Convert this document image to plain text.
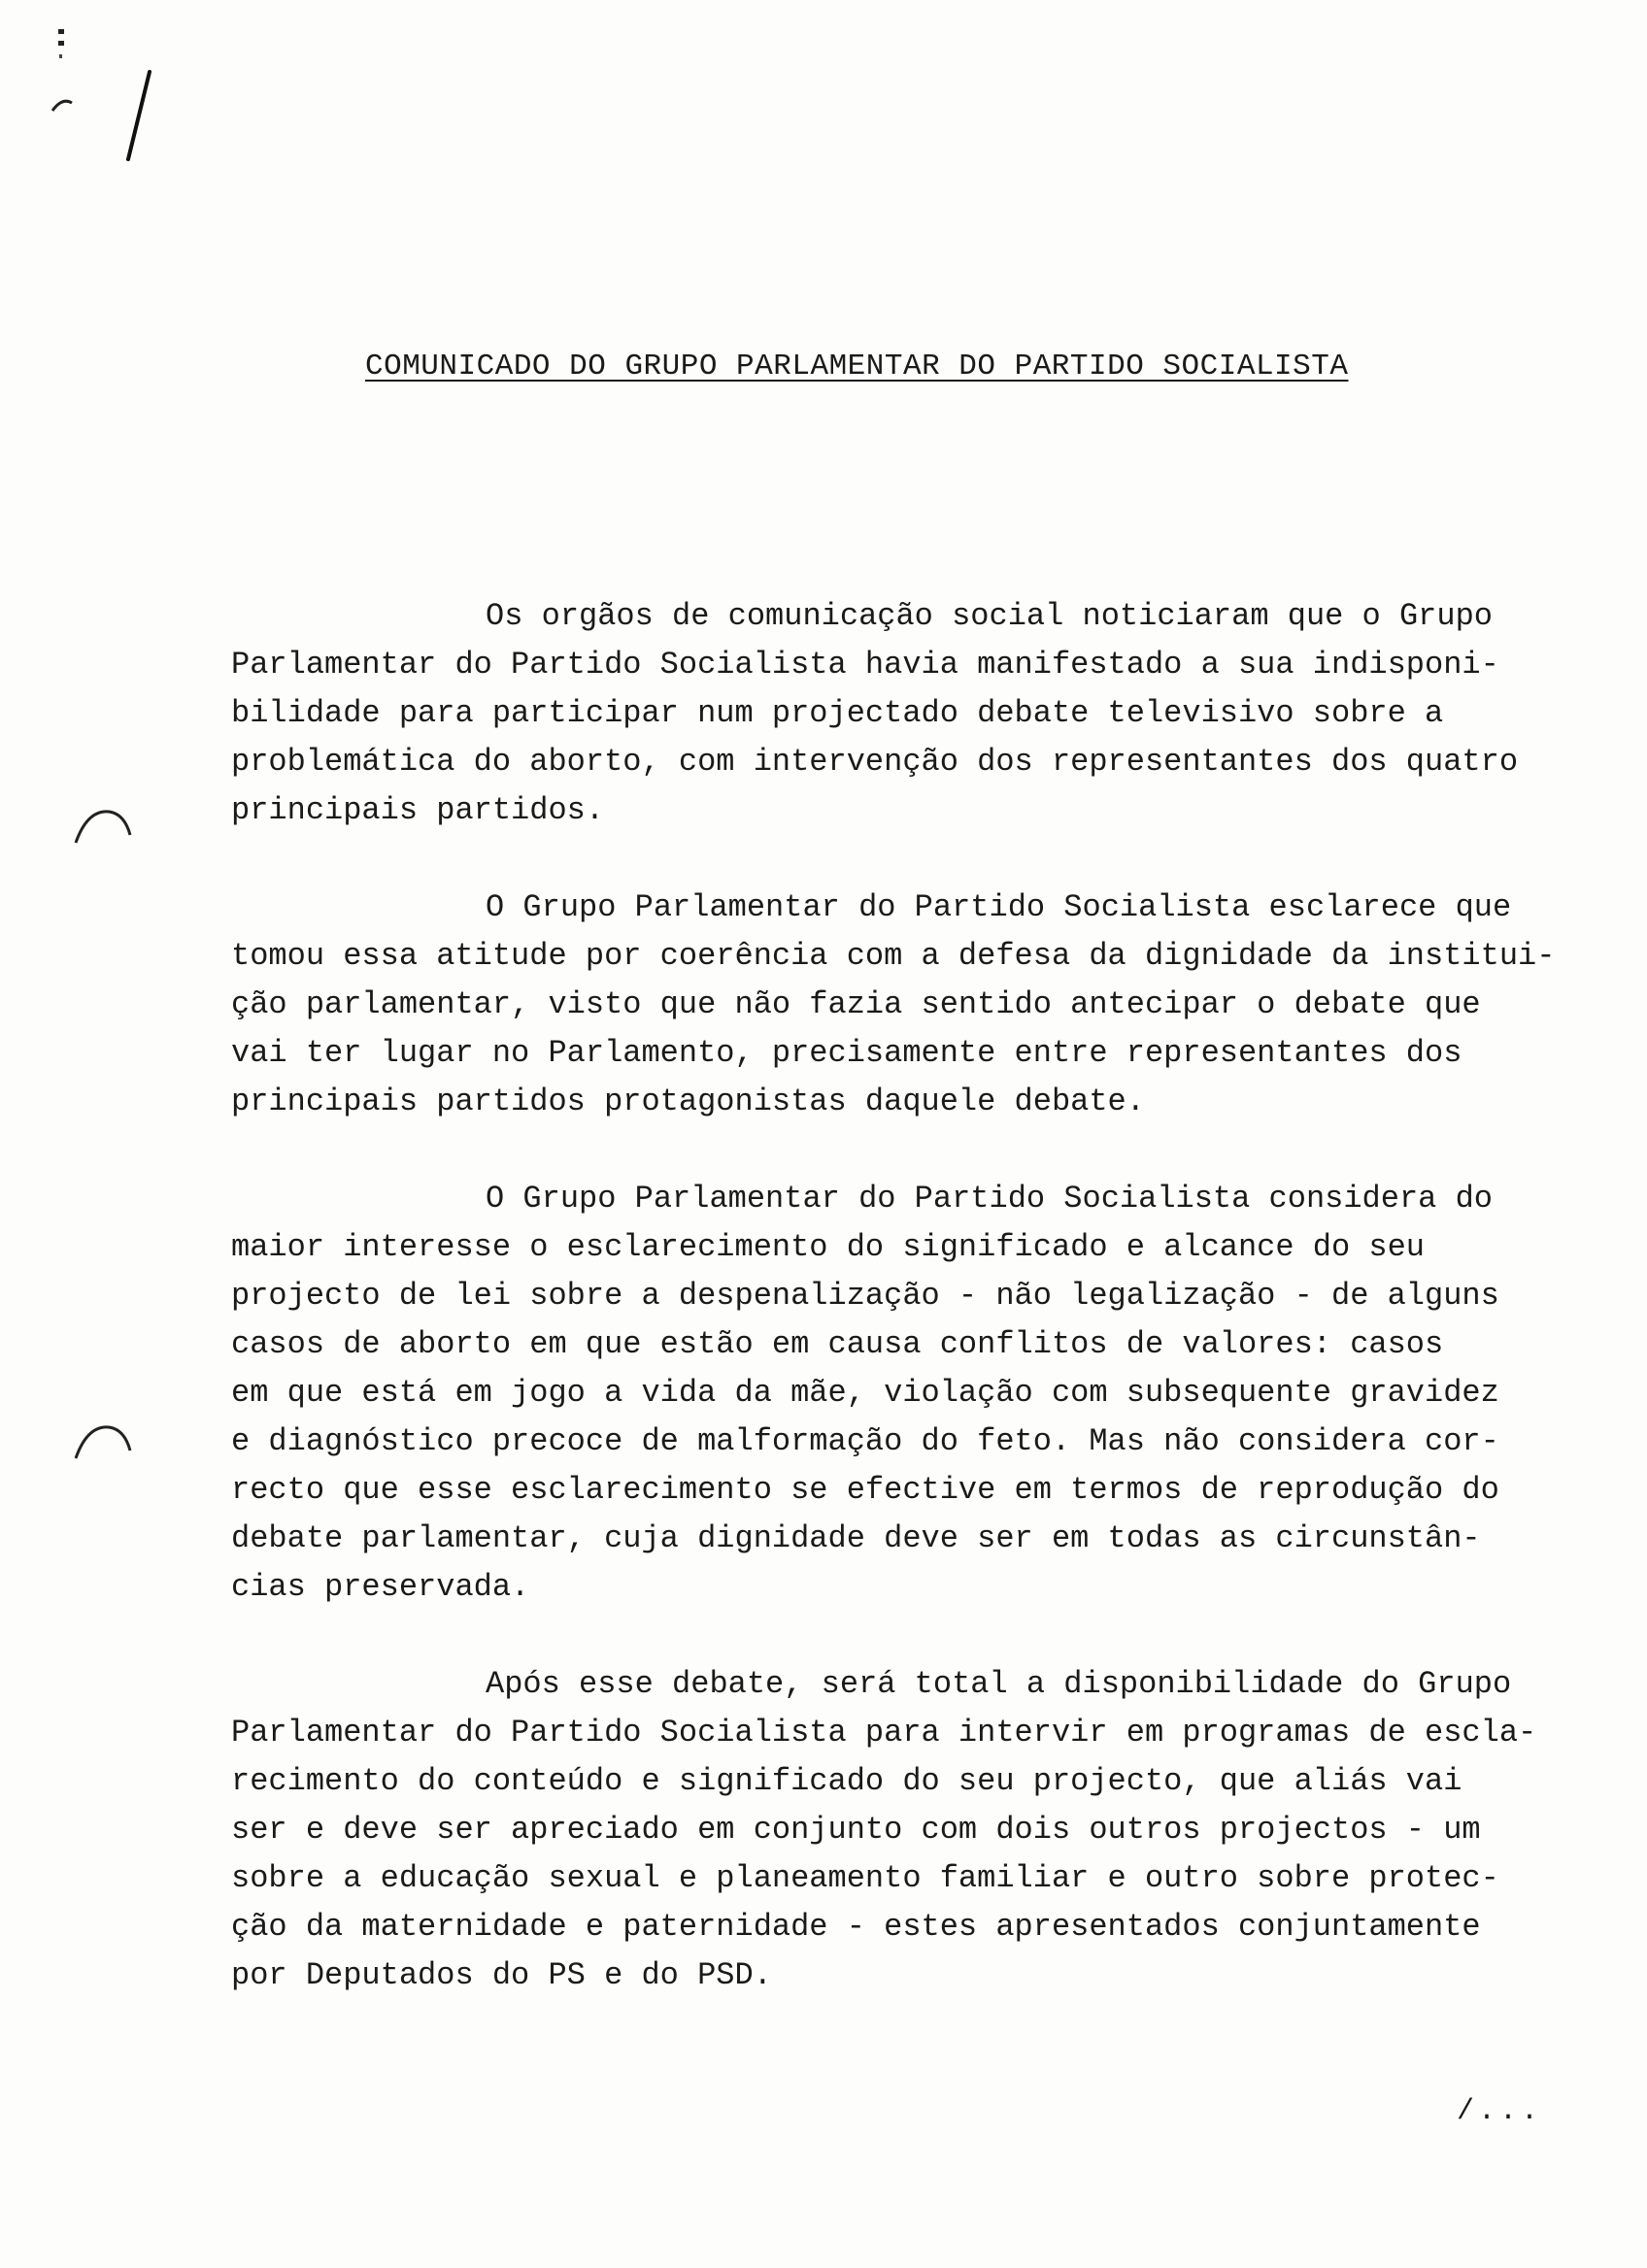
COMUNICADO DO GRUPO PARLAMENTAR DO PARTIDO SOCIALISTA

Os orgãos de comunicação social noticiaram que o Grupo
Parlamentar do Partido Socialista havia manifestado a sua indisponi-
bilidade para participar num projectado debate televisivo sobre a
problemática do aborto, com intervenção dos representantes dos quatro
principais partidos.

O Grupo Parlamentar do Partido Socialista esclarece que
tomou essa atitude por coerência com a defesa da dignidade da institui-
ção parlamentar, visto que não fazia sentido antecipar o debate que
vai ter lugar no Parlamento, precisamente entre representantes dos
principais partidos protagonistas daquele debate.

O Grupo Parlamentar do Partido Socialista considera do
maior interesse o esclarecimento do significado e alcance do seu
projecto de lei sobre a despenalização - não legalização - de alguns
casos de aborto em que estão em causa conflitos de valores: casos
em que está em jogo a vida da mãe, violação com subsequente gravidez
e diagnóstico precoce de malformação do feto. Mas não considera cor-
recto que esse esclarecimento se efective em termos de reprodução do
debate parlamentar, cuja dignidade deve ser em todas as circunstân-
cias preservada.

Após esse debate, será total a disponibilidade do Grupo
Parlamentar do Partido Socialista para intervir em programas de escla-
recimento do conteúdo e significado do seu projecto, que aliás vai
ser e deve ser apreciado em conjunto com dois outros projectos - um
sobre a educação sexual e planeamento familiar e outro sobre protec-
ção da maternidade e paternidade - estes apresentados conjuntamente
por Deputados do PS e do PSD.

/...
